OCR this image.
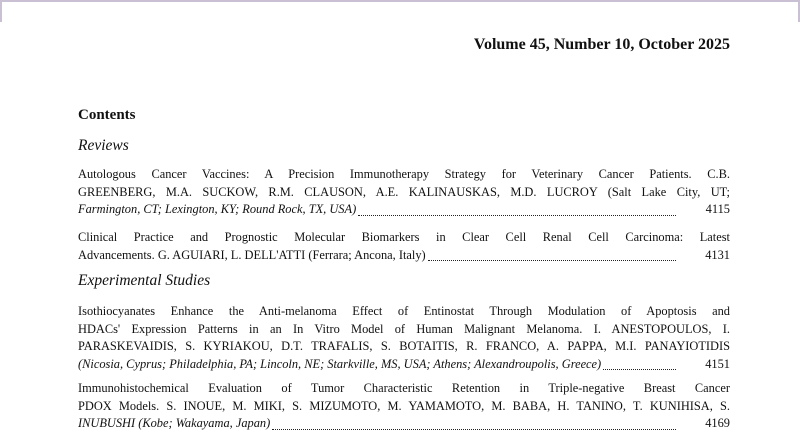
Volume 45, Number 10, October 2025
Contents
Reviews
Autologous Cancer Vaccines: A Precision Immunotherapy Strategy for Veterinary Cancer Patients. C.B.
GREENBERG, M.A. SUCKOW, R.M. CLAUSON, A.E. KALINAUSKAS, M.D. LUCROY (Salt Lake City, UT;
Farmington, CT; Lexington, KY; Round Rock, TX, USA)	4115
Clinical Practice and Prognostic Molecular Biomarkers in Clear Cell Renal Cell Carcinoma: Latest
Advancements. G. AGUIARI, L. DELL'ATTI (Ferrara; Ancona, Italy)	4131
Experimental Studies
Isothiocyanates Enhance the Anti-melanoma Effect of Entinostat Through Modulation of Apoptosis and
HDACs' Expression Patterns in an In Vitro Model of Human Malignant Melanoma. I. ANESTOPOULOS, I.
PARASKEVAIDIS, S. KYRIAKOU, D.T. TRAFALIS, S. BOTAITIS, R. FRANCO, A. PAPPA, M.I. PANAYIOTIDIS
(Nicosia, Cyprus; Philadelphia, PA; Lincoln, NE; Starkville, MS, USA; Athens; Alexandroupolis, Greece)	4151
Immunohistochemical Evaluation of Tumor Characteristic Retention in Triple-negative Breast Cancer
PDOX Models. S. INOUE, M. MIKI, S. MIZUMOTO, M. YAMAMOTO, M. BABA, H. TANINO, T. KUNIHISA, S.
INUBUSHI (Kobe; Wakayama, Japan)	4169
